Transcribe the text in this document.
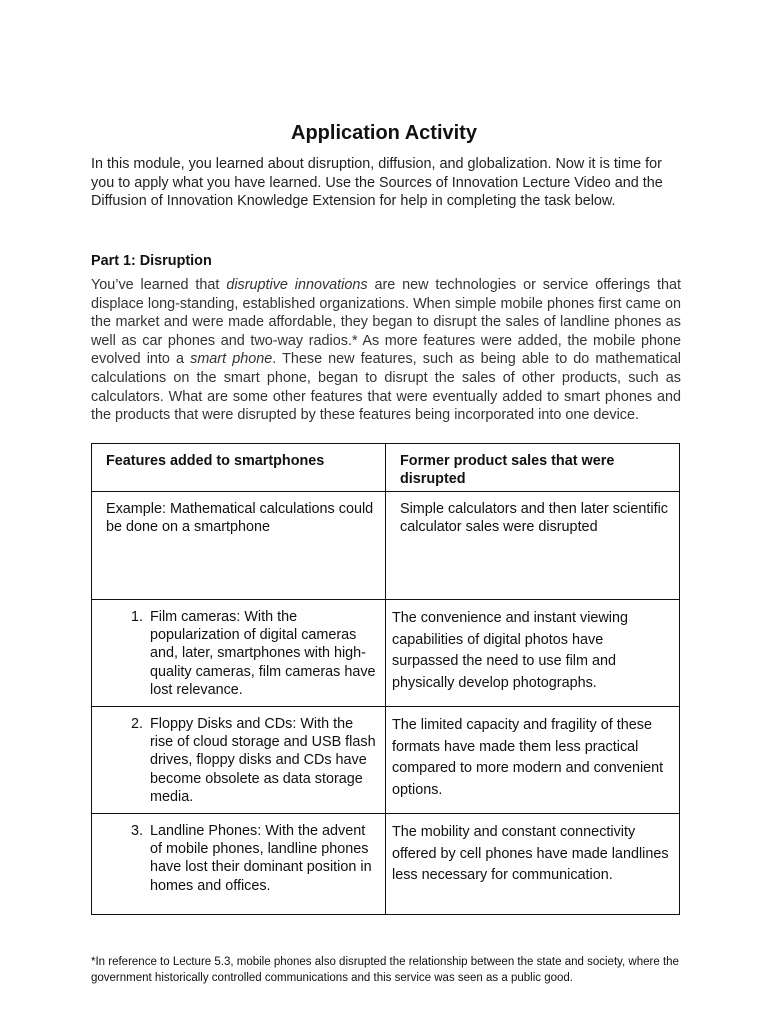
Application Activity

In this module, you learned about disruption, diffusion, and globalization. Now it is time for you to apply what you have learned. Use the Sources of Innovation Lecture Video and the Diffusion of Innovation Knowledge Extension for help in completing the task below.

Part 1: Disruption

You’ve learned that disruptive innovations are new technologies or service offerings that displace long-standing, established organizations. When simple mobile phones first came on the market and were made affordable, they began to disrupt the sales of landline phones as well as car phones and two-way radios.* As more features were added, the mobile phone evolved into a smart phone. These new features, such as being able to do mathematical calculations on the smart phone, began to disrupt the sales of other products, such as calculators. What are some other features that were eventually added to smart phones and the products that were disrupted by these features being incorporated into one device.

Features added to smartphones	Former product sales that were disrupted
Example: Mathematical calculations could be done on a smartphone	Simple calculators and then later scientific calculator sales were disrupted

1. Film cameras: With the popularization of digital cameras and, later, smartphones with high-quality cameras, film cameras have lost relevance.	The convenience and instant viewing capabilities of digital photos have surpassed the need to use film and physically develop photographs.

2. Floppy Disks and CDs: With the rise of cloud storage and USB flash drives, floppy disks and CDs have become obsolete as data storage media.	The limited capacity and fragility of these formats have made them less practical compared to more modern and convenient options.

3. Landline Phones: With the advent of mobile phones, landline phones have lost their dominant position in homes and offices.	The mobility and constant connectivity offered by cell phones have made landlines less necessary for communication.

*In reference to Lecture 5.3, mobile phones also disrupted the relationship between the state and society, where the government historically controlled communications and this service was seen as a public good.
